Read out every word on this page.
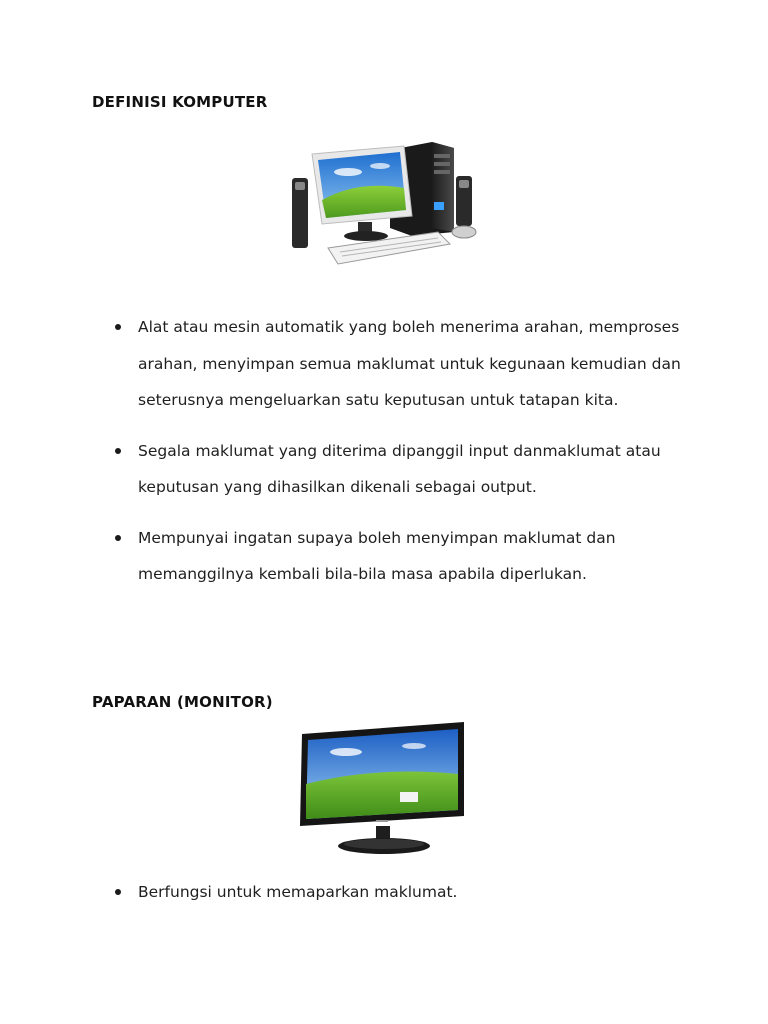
DEFINISI KOMPUTER
Alat atau mesin automatik yang boleh menerima arahan, memproses arahan, menyimpan semua maklumat untuk kegunaan kemudian dan seterusnya mengeluarkan satu keputusan untuk tatapan kita.
Segala maklumat yang diterima dipanggil input danmaklumat atau keputusan yang dihasilkan dikenali sebagai output.
Mempunyai ingatan supaya boleh menyimpan maklumat dan memanggilnya kembali bila-bila masa apabila diperlukan.
PAPARAN (MONITOR)
Berfungsi untuk memaparkan maklumat.
